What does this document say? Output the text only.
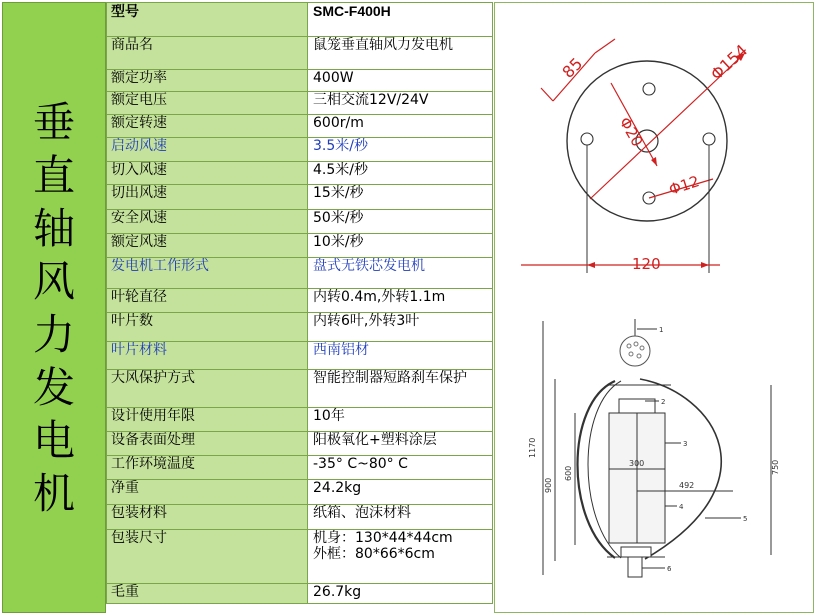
垂
直
轴
风
力
发
电
机
型号	SMC-F400H
商品名	鼠笼垂直轴风力发电机
额定功率	400W
额定电压	三相交流12V/24V
额定转速	600r/m
启动风速	3.5米/秒
切入风速	4.5米/秒
切出风速	15米/秒
安全风速	50米/秒
额定风速	10米/秒
发电机工作形式	盘式无铁芯发电机
叶轮直径	内转0.4m,外转1.1m
叶片数	内转6叶,外转3叶
叶片材料	西南铝材
大风保护方式	智能控制器短路刹车保护
设计使用年限	10年
设备表面处理	阳极氧化+塑料涂层
工作环境温度	-35° C~80° C
净重	24.2kg
包装材料	纸箱、泡沫材料
包装尺寸	机身：130*44*44cm
外框：80*66*6cm
毛重	26.7kg
Φ154
Φ20
85
Φ12
120
1170
900
600
300
492
750
1
2
3
4
5
6
